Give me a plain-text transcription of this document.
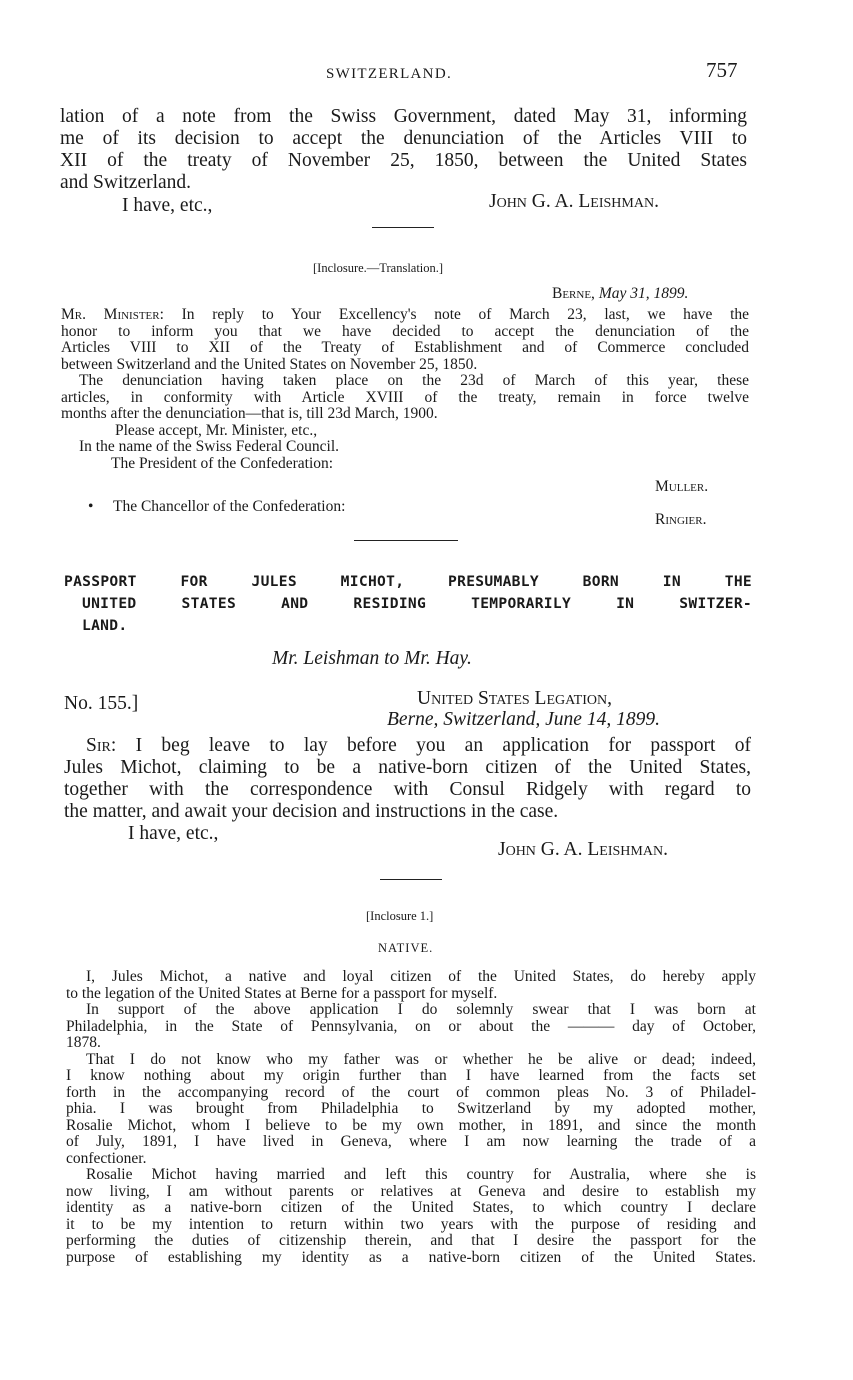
SWITZERLAND.	757
lation of a note from the Swiss Government, dated May 31, informing
me of its decision to accept the denunciation of the Articles VIII to
XII of the treaty of November 25, 1850, between the United States
and Switzerland.
I have, etc.,	John G. A. Leishman.
[Inclosure.—Translation.]
Berne, May 31, 1899.
Mr. Minister: In reply to Your Excellency's note of March 23, last, we have the
honor to inform you that we have decided to accept the denunciation of the
Articles VIII to XII of the Treaty of Establishment and of Commerce concluded
between Switzerland and the United States on November 25, 1850.
The denunciation having taken place on the 23d of March of this year, these
articles, in conformity with Article XVIII of the treaty, remain in force twelve
months after the denunciation—that is, till 23d March, 1900.
Please accept, Mr. Minister, etc.,
In the name of the Swiss Federal Council.
The President of the Confederation:
Muller.
• The Chancellor of the Confederation:
Ringier.
PASSPORT FOR JULES MICHOT, PRESUMABLY BORN IN THE
UNITED STATES AND RESIDING TEMPORARILY IN SWITZER-
LAND.
Mr. Leishman to Mr. Hay.
No. 155.]	United States Legation,
Berne, Switzerland, June 14, 1899.
Sir: I beg leave to lay before you an application for passport of
Jules Michot, claiming to be a native-born citizen of the United States,
together with the correspondence with Consul Ridgely with regard to
the matter, and await your decision and instructions in the case.
I have, etc.,
John G. A. Leishman.
[Inclosure 1.]
NATIVE.
I, Jules Michot, a native and loyal citizen of the United States, do hereby apply
to the legation of the United States at Berne for a passport for myself.
In support of the above application I do solemnly swear that I was born at
Philadelphia, in the State of Pennsylvania, on or about the ——— day of October,
1878.
That I do not know who my father was or whether he be alive or dead; indeed,
I know nothing about my origin further than I have learned from the facts set
forth in the accompanying record of the court of common pleas No. 3 of Philadel-
phia. I was brought from Philadelphia to Switzerland by my adopted mother,
Rosalie Michot, whom I believe to be my own mother, in 1891, and since the month
of July, 1891, I have lived in Geneva, where I am now learning the trade of a
confectioner.
Rosalie Michot having married and left this country for Australia, where she is
now living, I am without parents or relatives at Geneva and desire to establish my
identity as a native-born citizen of the United States, to which country I declare
it to be my intention to return within two years with the purpose of residing and
performing the duties of citizenship therein, and that I desire the passport for the
purpose of establishing my identity as a native-born citizen of the United States.
